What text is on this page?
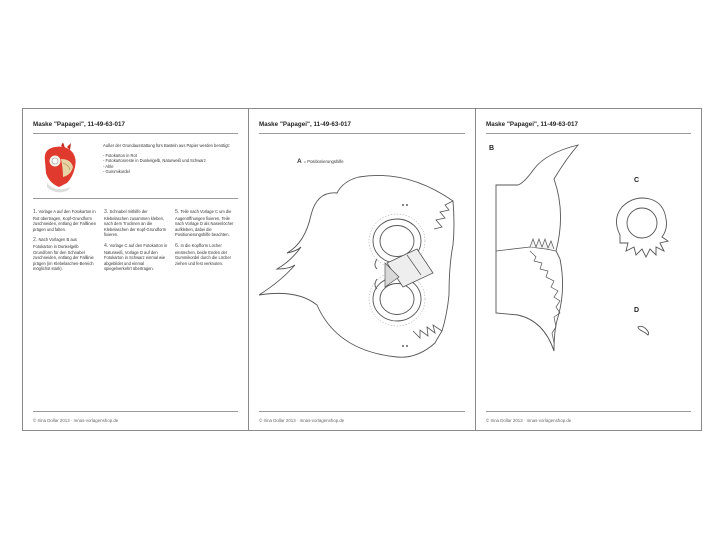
Maske "Papagei", 11-49-63-017

Außer der Grundausstattung fürs Basteln aus Papier werden benötigt:

- Fotokarton in Rot
- Fotokartonreste in Dunkelgelb, Naturweiß und Schwarz
- Ahle
- Gummikordel

1. Vorlage A auf den Fotokarton in Rot übertragen, Kopf-Grundform zuschneiden, entlang der Falllinien prägen und falten.

2. Nach Vorlagen B aus Fotokarton in Dunkelgelb Grundform für den Schnabel zuschneiden, entlang der Falllinie prägen (im Klebelaschen-Bereich möglichst stark).

3. Schnabel mithilfe der Klebelaschen zusammen kleben, nach dem Trocknen an die Klebelaschen der Kopf-Grundform fixieren.

4. Vorlage C auf den Fotokarton in Naturweiß, Vorlage D auf den Fotokarton in Schwarz einmal wie abgebildet und einmal spiegelverkehrt übertragen.

5. Teile nach Vorlage C um die Augenöffnungen fixieren, Teile nach Vorlage D als Nasenlöcher aufkleben, dabei die Positionierungshilfe beachten.

6. In die Kopfform Löcher einstechen, beide Enden der Gummikordel durch die Löcher ziehen und fest verknoten.

© Irina Dollar 2013 · mnas-vorlagenshop.de
Maske "Papagei", 11-49-63-017
A = Positionierungshilfe
© Irina Dollar 2013 · mnas-vorlagenshop.de
Maske "Papagei", 11-49-63-017
B
C
D
© Irina Dollar 2013 · mnas-vorlagenshop.de
